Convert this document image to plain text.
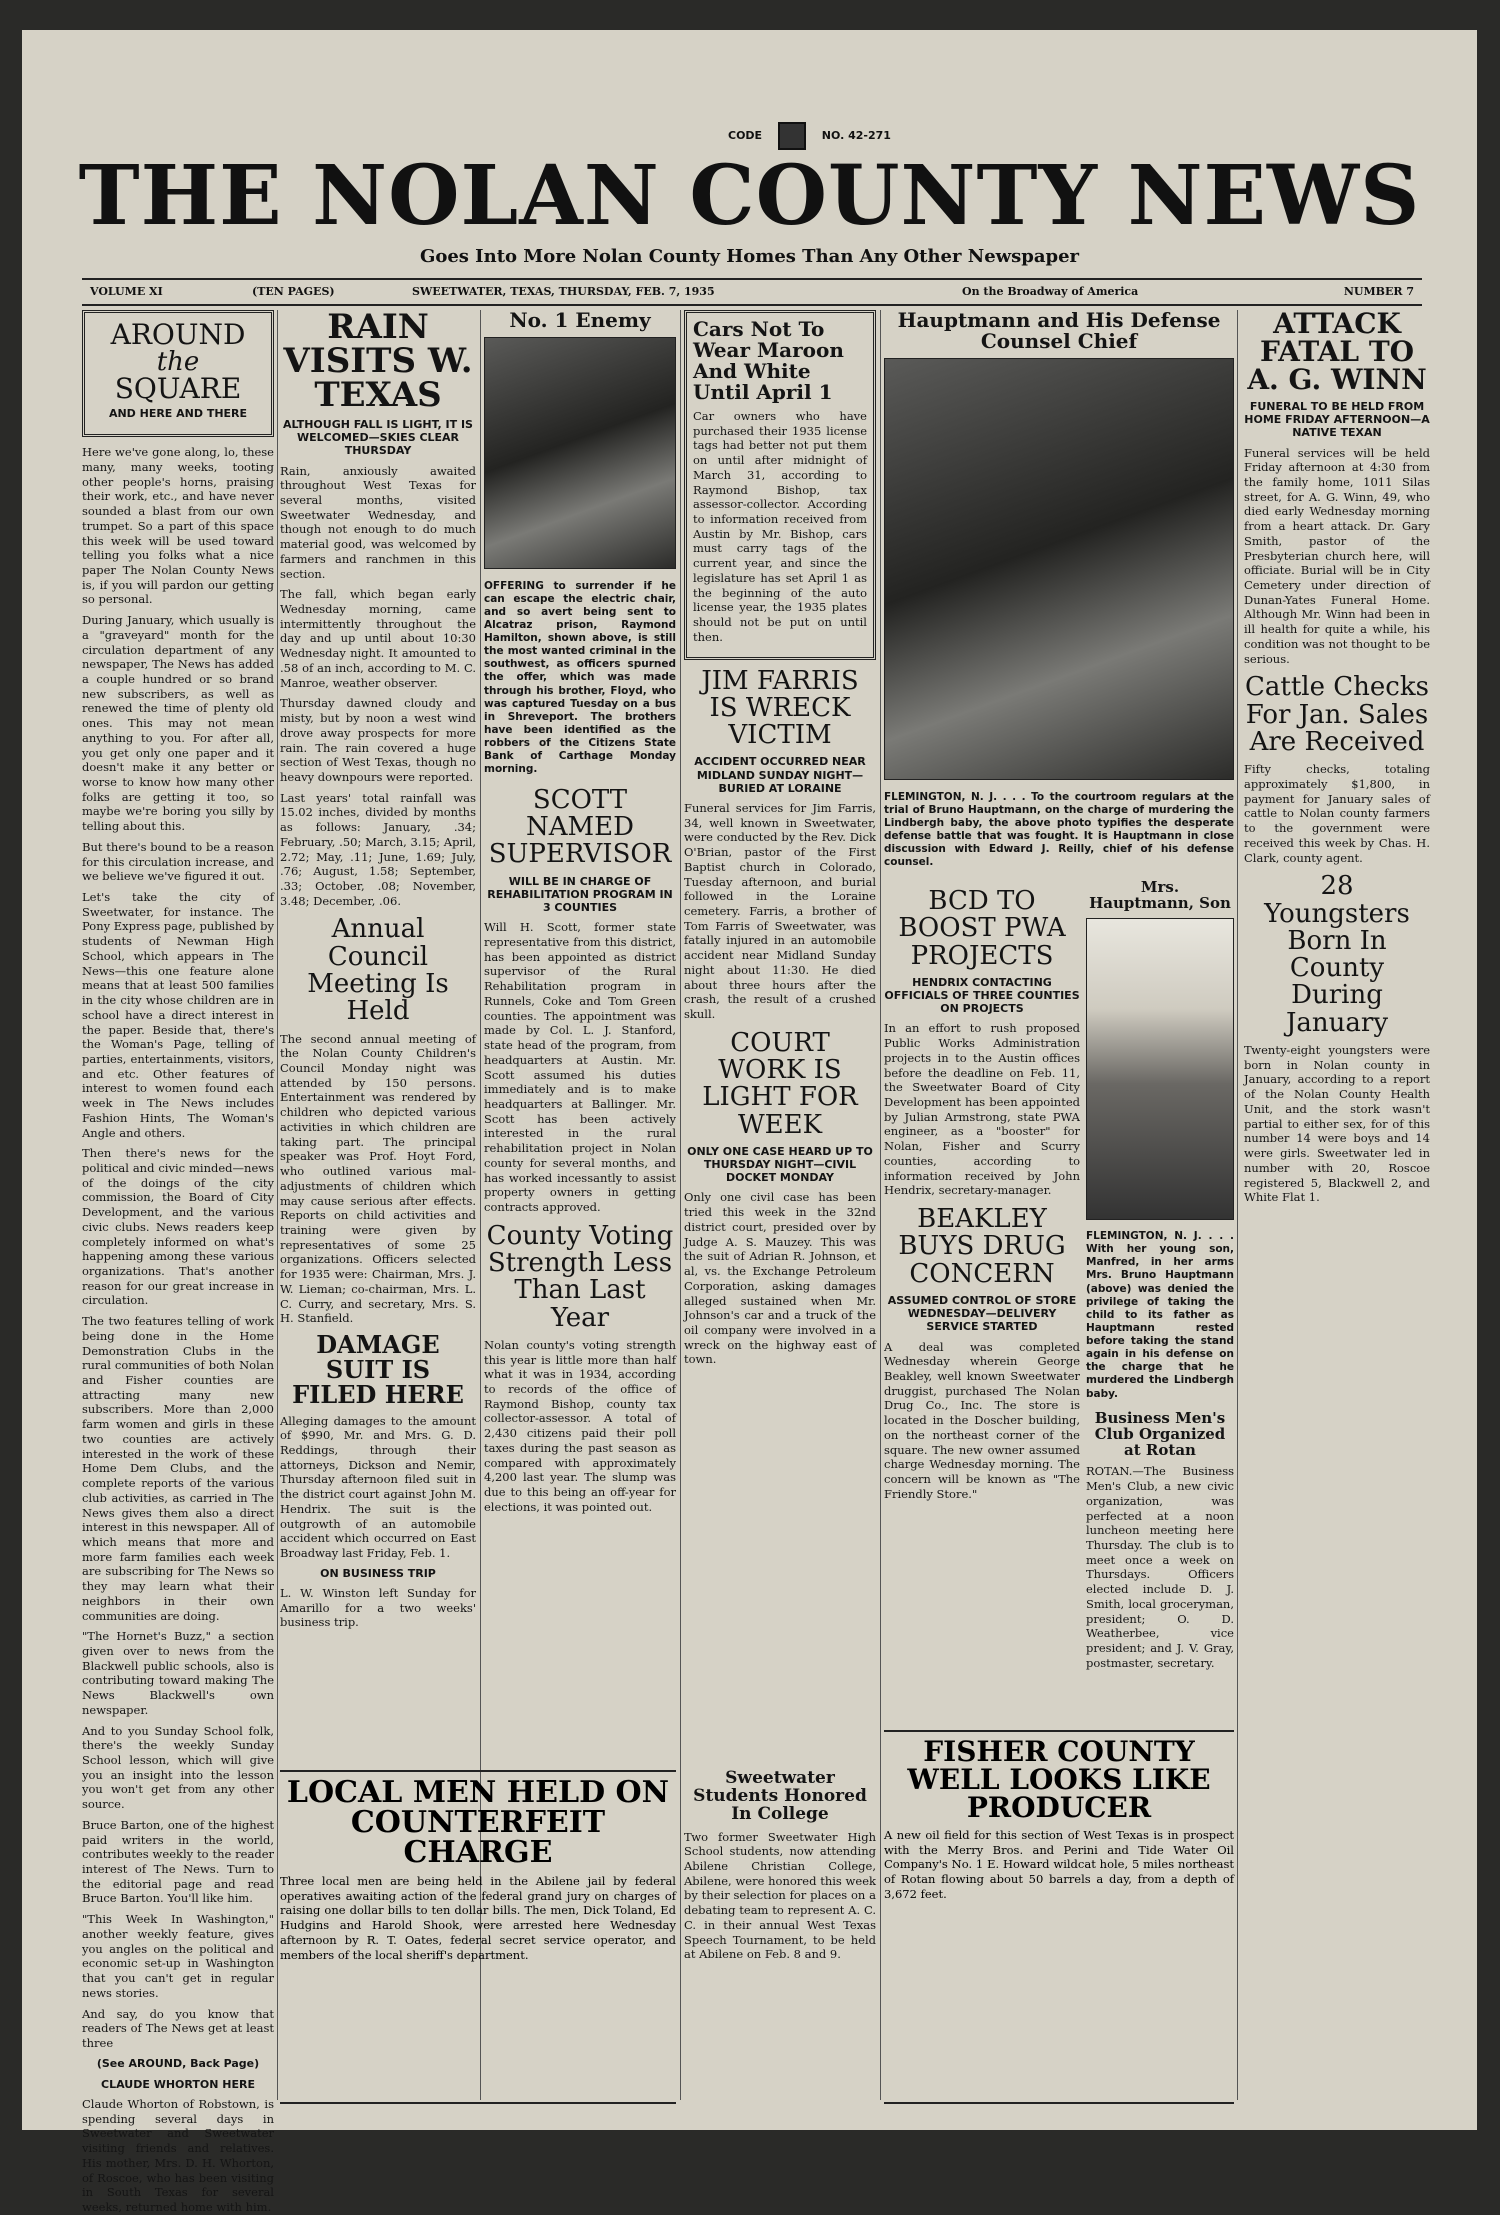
CODE	NO. 42-271
THE NOLAN COUNTY NEWS
Goes Into More Nolan County Homes Than Any Other Newspaper
VOLUME XI	(TEN PAGES)	SWEETWATER, TEXAS, THURSDAY, FEB. 7, 1935	On the Broadway of America	NUMBER 7
AROUND
the
SQUARE
AND HERE AND THERE

Here we've gone along, lo, these many, many weeks, tooting other people's horns, praising their work, etc., and have never sounded a blast from our own trumpet. So a part of this space this week will be used toward telling you folks what a nice paper The Nolan County News is, if you will pardon our getting so personal.

During January, which usually is a "graveyard" month for the circulation department of any newspaper, The News has added a couple hundred or so brand new subscribers, as well as renewed the time of plenty old ones. This may not mean anything to you. For after all, you get only one paper and it doesn't make it any better or worse to know how many other folks are getting it too, so maybe we're boring you silly by telling about this.

But there's bound to be a reason for this circulation increase, and we believe we've figured it out.

Let's take the city of Sweetwater, for instance. The Pony Express page, published by students of Newman High School, which appears in The News—this one feature alone means that at least 500 families in the city whose children are in school have a direct interest in the paper. Beside that, there's the Woman's Page, telling of parties, entertainments, visitors, and etc. Other features of interest to women found each week in The News includes Fashion Hints, The Woman's Angle and others.

Then there's news for the political and civic minded—news of the doings of the city commission, the Board of City Development, and the various civic clubs. News readers keep completely informed on what's happening among these various organizations. That's another reason for our great increase in circulation.

The two features telling of work being done in the Home Demonstration Clubs in the rural communities of both Nolan and Fisher counties are attracting many new subscribers. More than 2,000 farm women and girls in these two counties are actively interested in the work of these Home Dem Clubs, and the complete reports of the various club activities, as carried in The News gives them also a direct interest in this newspaper. All of which means that more and more farm families each week are subscribing for The News so they may learn what their neighbors in their own communities are doing.

"The Hornet's Buzz," a section given over to news from the Blackwell public schools, also is contributing toward making The News Blackwell's own newspaper.

And to you Sunday School folk, there's the weekly Sunday School lesson, which will give you an insight into the lesson you won't get from any other source.

Bruce Barton, one of the highest paid writers in the world, contributes weekly to the reader interest of The News. Turn to the editorial page and read Bruce Barton. You'll like him.

"This Week In Washington," another weekly feature, gives you angles on the political and economic set-up in Washington that you can't get in regular news stories.

And say, do you know that readers of The News get at least three

(See AROUND, Back Page)
CLAUDE WHORTON HERE

Claude Whorton of Robstown, is spending several days in Sweetwater and Sweetwater visiting friends and relatives. His mother, Mrs. D. H. Whorton, of Roscoe, who has been visiting in South Texas for several weeks, returned home with him.

RAIN VISITS W. TEXAS
ALTHOUGH FALL IS LIGHT, IT IS WELCOMED—SKIES CLEAR THURSDAY

Rain, anxiously awaited throughout West Texas for several months, visited Sweetwater Wednesday, and though not enough to do much material good, was welcomed by farmers and ranchmen in this section.

The fall, which began early Wednesday morning, came intermittently throughout the day and up until about 10:30 Wednesday night. It amounted to .58 of an inch, according to M. C. Manroe, weather observer.

Thursday dawned cloudy and misty, but by noon a west wind drove away prospects for more rain. The rain covered a huge section of West Texas, though no heavy downpours were reported.

Last years' total rainfall was 15.02 inches, divided by months as follows: January, .34; February, .50; March, 3.15; April, 2.72; May, .11; June, 1.69; July, .76; August, 1.58; September, .33; October, .08; November, 3.48; December, .06.

Annual Council Meeting Is Held

The second annual meeting of the Nolan County Children's Council Monday night was attended by 150 persons. Entertainment was rendered by children who depicted various activities in which children are taking part. The principal speaker was Prof. Hoyt Ford, who outlined various mal-adjustments of children which may cause serious after effects. Reports on child activities and training were given by representatives of some 25 organizations. Officers selected for 1935 were: Chairman, Mrs. J. W. Lieman; co-chairman, Mrs. L. C. Curry, and secretary, Mrs. S. H. Stanfield.

DAMAGE SUIT IS FILED HERE

Alleging damages to the amount of $990, Mr. and Mrs. G. D. Reddings, through their attorneys, Dickson and Nemir, Thursday afternoon filed suit in the district court against John M. Hendrix. The suit is the outgrowth of an automobile accident which occurred on East Broadway last Friday, Feb. 1.

ON BUSINESS TRIP

L. W. Winston left Sunday for Amarillo for a two weeks' business trip.

No. 1 Enemy

OFFERING to surrender if he can escape the electric chair, and so avert being sent to Alcatraz prison, Raymond Hamilton, shown above, is still the most wanted criminal in the southwest, as officers spurned the offer, which was made through his brother, Floyd, who was captured Tuesday on a bus in Shreveport. The brothers have been identified as the robbers of the Citizens State Bank of Carthage Monday morning.

SCOTT NAMED SUPERVISOR
WILL BE IN CHARGE OF REHABILITATION PROGRAM IN 3 COUNTIES

Will H. Scott, former state representative from this district, has been appointed as district supervisor of the Rural Rehabilitation program in Runnels, Coke and Tom Green counties. The appointment was made by Col. L. J. Stanford, state head of the program, from headquarters at Austin. Mr. Scott assumed his duties immediately and is to make headquarters at Ballinger. Mr. Scott has been actively interested in the rural rehabilitation project in Nolan county for several months, and has worked incessantly to assist property owners in getting contracts approved.

County Voting Strength Less Than Last Year

Nolan county's voting strength this year is little more than half what it was in 1934, according to records of the office of Raymond Bishop, county tax collector-assessor. A total of 2,430 citizens paid their poll taxes during the past season as compared with approximately 4,200 last year. The slump was due to this being an off-year for elections, it was pointed out.

Cars Not To Wear Maroon And White Until April 1

Car owners who have purchased their 1935 license tags had better not put them on until after midnight of March 31, according to Raymond Bishop, tax assessor-collector. According to information received from Austin by Mr. Bishop, cars must carry tags of the current year, and since the legislature has set April 1 as the beginning of the auto license year, the 1935 plates should not be put on until then.

JIM FARRIS IS WRECK VICTIM
ACCIDENT OCCURRED NEAR MIDLAND SUNDAY NIGHT—BURIED AT LORAINE

Funeral services for Jim Farris, 34, well known in Sweetwater, were conducted by the Rev. Dick O'Brian, pastor of the First Baptist church in Colorado, Tuesday afternoon, and burial followed in the Loraine cemetery. Farris, a brother of Tom Farris of Sweetwater, was fatally injured in an automobile accident near Midland Sunday night about 11:30. He died about three hours after the crash, the result of a crushed skull.

COURT WORK IS LIGHT FOR WEEK
ONLY ONE CASE HEARD UP TO THURSDAY NIGHT—CIVIL DOCKET MONDAY

Only one civil case has been tried this week in the 32nd district court, presided over by Judge A. S. Mauzey. This was the suit of Adrian R. Johnson, et al, vs. the Exchange Petroleum Corporation, asking damages alleged sustained when Mr. Johnson's car and a truck of the oil company were involved in a wreck on the highway east of town.

Hauptmann and His Defense Counsel Chief

FLEMINGTON, N. J. . . . To the courtroom regulars at the trial of Bruno Hauptmann, on the charge of murdering the Lindbergh baby, the above photo typifies the desperate defense battle that was fought. It is Hauptmann in close discussion with Edward J. Reilly, chief of his defense counsel.

BCD TO BOOST PWA PROJECTS
HENDRIX CONTACTING OFFICIALS OF THREE COUNTIES ON PROJECTS

In an effort to rush proposed Public Works Administration projects in to the Austin offices before the deadline on Feb. 11, the Sweetwater Board of City Development has been appointed by Julian Armstrong, state PWA engineer, as a "booster" for Nolan, Fisher and Scurry counties, according to information received by John Hendrix, secretary-manager.

BEAKLEY BUYS DRUG CONCERN
ASSUMED CONTROL OF STORE WEDNESDAY—DELIVERY SERVICE STARTED

A deal was completed Wednesday wherein George Beakley, well known Sweetwater druggist, purchased The Nolan Drug Co., Inc. The store is located in the Doscher building, on the northeast corner of the square. The new owner assumed charge Wednesday morning. The concern will be known as "The Friendly Store."

Mrs. Hauptmann, Son

FLEMINGTON, N. J. . . . With her young son, Manfred, in her arms Mrs. Bruno Hauptmann (above) was denied the privilege of taking the child to its father as Hauptmann rested before taking the stand again in his defense on the charge that he murdered the Lindbergh baby.

Business Men's Club Organized at Rotan

ROTAN.—The Business Men's Club, a new civic organization, was perfected at a noon luncheon meeting here Thursday. The club is to meet once a week on Thursdays. Officers elected include D. J. Smith, local groceryman, president; O. D. Weatherbee, vice president; and J. V. Gray, postmaster, secretary.

ATTACK FATAL TO A. G. WINN
FUNERAL TO BE HELD FROM HOME FRIDAY AFTERNOON—A NATIVE TEXAN

Funeral services will be held Friday afternoon at 4:30 from the family home, 1011 Silas street, for A. G. Winn, 49, who died early Wednesday morning from a heart attack. Dr. Gary Smith, pastor of the Presbyterian church here, will officiate. Burial will be in City Cemetery under direction of Dunan-Yates Funeral Home. Although Mr. Winn had been in ill health for quite a while, his condition was not thought to be serious.

Cattle Checks For Jan. Sales Are Received

Fifty checks, totaling approximately $1,800, in payment for January sales of cattle to Nolan county farmers to the government were received this week by Chas. H. Clark, county agent.

28 Youngsters Born In County During January

Twenty-eight youngsters were born in Nolan county in January, according to a report of the Nolan County Health Unit, and the stork wasn't partial to either sex, for of this number 14 were boys and 14 were girls. Sweetwater led in number with 20, Roscoe registered 5, Blackwell 2, and White Flat 1.

Sweetwater Students Honored In College

Two former Sweetwater High School students, now attending Abilene Christian College, Abilene, were honored this week by their selection for places on a debating team to represent A. C. C. in their annual West Texas Speech Tournament, to be held at Abilene on Feb. 8 and 9.

LOCAL MEN HELD ON COUNTERFEIT CHARGE

Three local men are being held in the Abilene jail by federal operatives awaiting action of the federal grand jury on charges of raising one dollar bills to ten dollar bills. The men, Dick Toland, Ed Hudgins and Harold Shook, were arrested here Wednesday afternoon by R. T. Oates, federal secret service operator, and members of the local sheriff's department.

FISHER COUNTY WELL LOOKS LIKE PRODUCER

A new oil field for this section of West Texas is in prospect with the Merry Bros. and Perini and Tide Water Oil Company's No. 1 E. Howard wildcat hole, 5 miles northeast of Rotan flowing about 50 barrels a day, from a depth of 3,672 feet.
